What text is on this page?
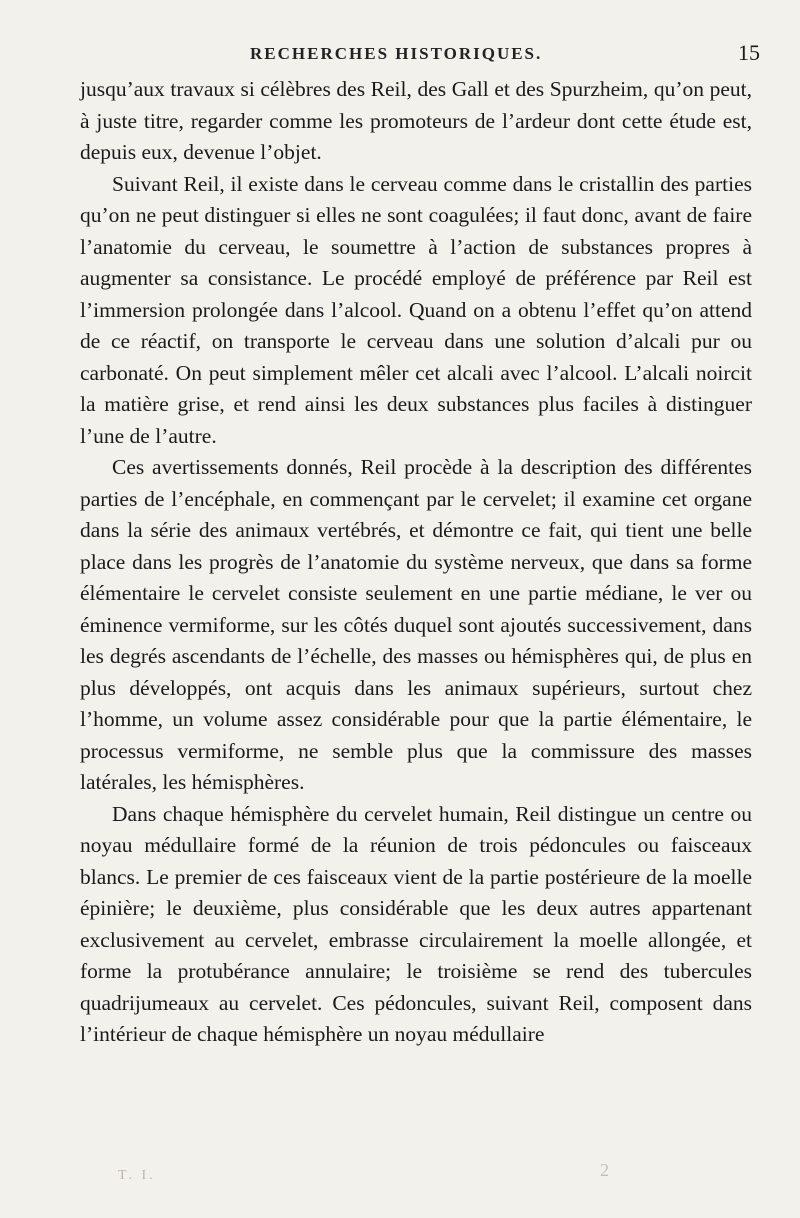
RECHERCHES HISTORIQUES.	15

jusqu’aux travaux si célèbres des Reil, des Gall et des Spurzheim, qu’on peut, à juste titre, regarder comme les promoteurs de l’ardeur dont cette étude est, depuis eux, devenue l’objet.

Suivant Reil, il existe dans le cerveau comme dans le cristallin des parties qu’on ne peut distinguer si elles ne sont coagulées; il faut donc, avant de faire l’anatomie du cerveau, le soumettre à l’action de substances propres à augmenter sa consistance. Le procédé employé de préférence par Reil est l’immersion prolongée dans l’alcool. Quand on a obtenu l’effet qu’on attend de ce réactif, on transporte le cerveau dans une solution d’alcali pur ou carbonaté. On peut simplement mêler cet alcali avec l’alcool. L’alcali noircit la matière grise, et rend ainsi les deux substances plus faciles à distinguer l’une de l’autre.

Ces avertissements donnés, Reil procède à la description des différentes parties de l’encéphale, en commençant par le cervelet; il examine cet organe dans la série des animaux vertébrés, et démontre ce fait, qui tient une belle place dans les progrès de l’anatomie du système nerveux, que dans sa forme élémentaire le cervelet consiste seulement en une partie médiane, le ver ou éminence vermiforme, sur les côtés duquel sont ajoutés successivement, dans les degrés ascendants de l’échelle, des masses ou hémisphères qui, de plus en plus développés, ont acquis dans les animaux supérieurs, surtout chez l’homme, un volume assez considérable pour que la partie élémentaire, le processus vermiforme, ne semble plus que la commissure des masses latérales, les hémisphères.

Dans chaque hémisphère du cervelet humain, Reil distingue un centre ou noyau médullaire formé de la réunion de trois pédoncules ou faisceaux blancs. Le premier de ces faisceaux vient de la partie postérieure de la moelle épinière; le deuxième, plus considérable que les deux autres appartenant exclusivement au cervelet, embrasse circulairement la moelle allongée, et forme la protubérance annulaire; le troisième se rend des tubercules quadrijumeaux au cervelet. Ces pédoncules, suivant Reil, composent dans l’intérieur de chaque hémisphère un noyau médullaire

T. I.	2
